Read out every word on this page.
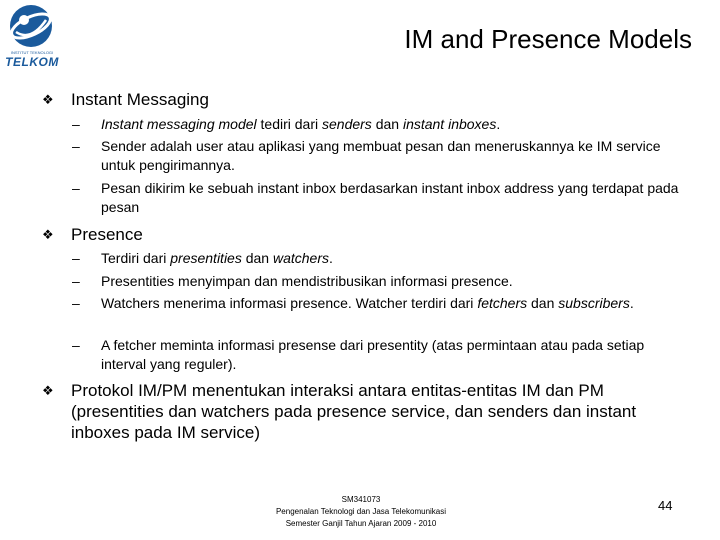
INSTITUT TEKNOLOGI
TELKOM
IM and Presence Models
❖ Instant Messaging
–	Instant messaging model tediri dari senders dan instant inboxes.
–	Sender adalah user atau aplikasi yang membuat pesan dan meneruskannya ke IM service untuk pengirimannya.
–	Pesan dikirim ke sebuah instant inbox berdasarkan instant inbox address yang terdapat pada pesan
❖ Presence
–	Terdiri dari presentities dan watchers.
–	Presentities menyimpan dan mendistribusikan informasi presence.
–	Watchers menerima informasi presence. Watcher terdiri dari fetchers dan subscribers.
–	A fetcher meminta informasi presense dari presentity (atas permintaan atau pada setiap interval yang reguler).
❖ Protokol IM/PM menentukan interaksi antara entitas-entitas IM dan PM (presentities dan watchers pada presence service, dan senders dan instant inboxes pada IM service)
SM341073
Pengenalan Teknologi dan Jasa Telekomunikasi
Semester Ganjil Tahun Ajaran 2009 - 2010
44
